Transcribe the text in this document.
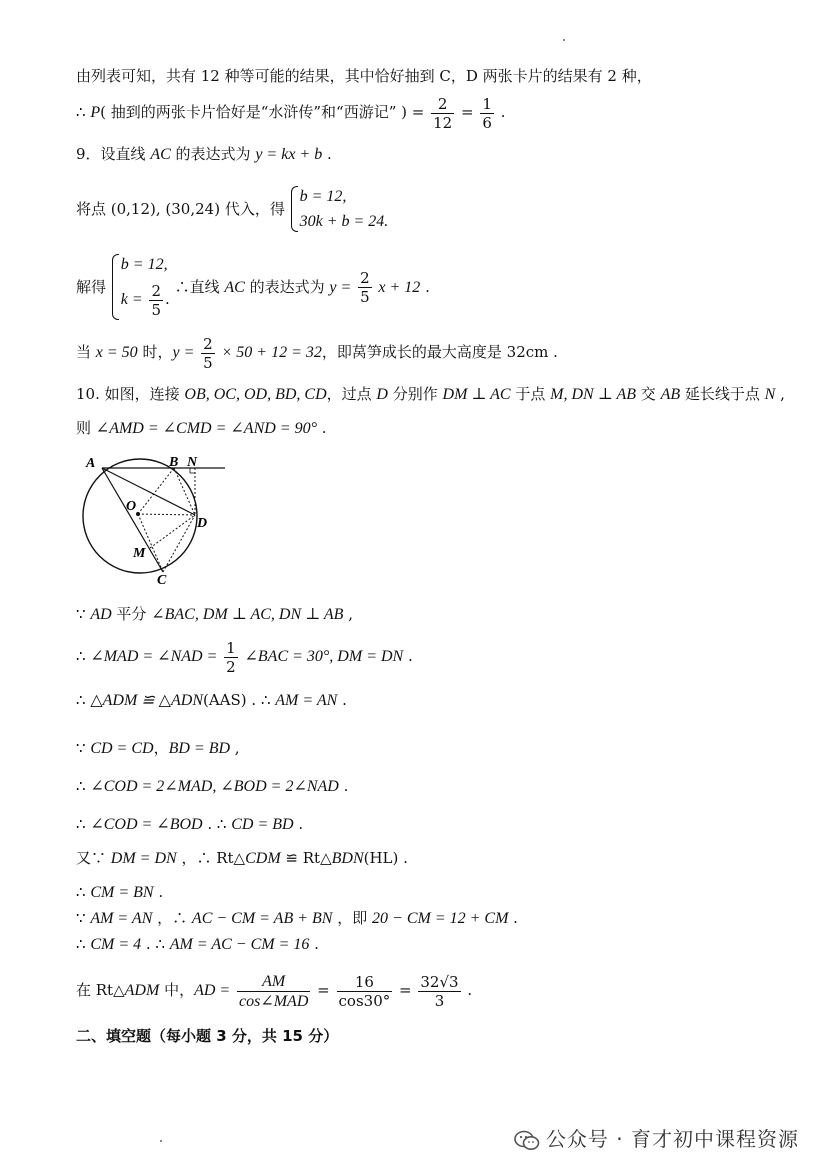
由列表可知，共有 12 种等可能的结果，其中恰好抽到 C，D 两张卡片的结果有 2 种，
∴ P( 抽到的两张卡片恰好是“水浒传”和“西游记” ) = $\frac{2}{12} = \frac{1}{6}$ .
9．设直线 AC 的表达式为 y = kx + b .
将点 (0,12), (30,24) 代入，得
b = 12,
30k + b = 24.
解得
b = 12,
$k = \frac{2}{5}$ .
∴直线 AC 的表达式为 $y = \frac{2}{5}$ x + 12 .
当 x = 50 时，$y = \frac{2}{5} \times 50 + 12 = 32$，即莴笋成长的最大高度是 32cm .
10. 如图，连接 OB, OC, OD, BD, CD，过点 D 分别作 DM ⊥ AC 于点 M, DN ⊥ AB 交 AB 延长线于点 N ,
则 ∠AMD = ∠CMD = ∠AND = 90° .
A	B N
O
D
M
C
∵ AD 平分 ∠BAC, DM ⊥ AC, DN ⊥ AB ,
∴ ∠MAD = ∠NAD = $\frac{1}{2}$ ∠BAC = 30°, DM = DN .
∴ △ADM ≌ △ADN(AAS) . ∴ AM = AN .
∵ CD = CD，BD = BD ,
∴ ∠COD = 2∠MAD, ∠BOD = 2∠NAD .
∴ ∠COD = ∠BOD . ∴ CD = BD .
又∵ DM = DN ，∴ Rt△CDM ≌ Rt△BDN(HL) .
∴ CM = BN .
∵ AM = AN ，∴ AC − CM = AB + BN ，即 20 − CM = 12 + CM .
∴ CM = 4 . ∴ AM = AC − CM = 16 .
在 Rt△ADM 中，AD = $\frac{AM}{\text{cos∠MAD}} = \frac{16}{\cos 30^\circ} = \frac{32√3}{3}$ .
二、填空题（每小题 3 分，共 15 分）
公众号 · 育才初中课程资源
